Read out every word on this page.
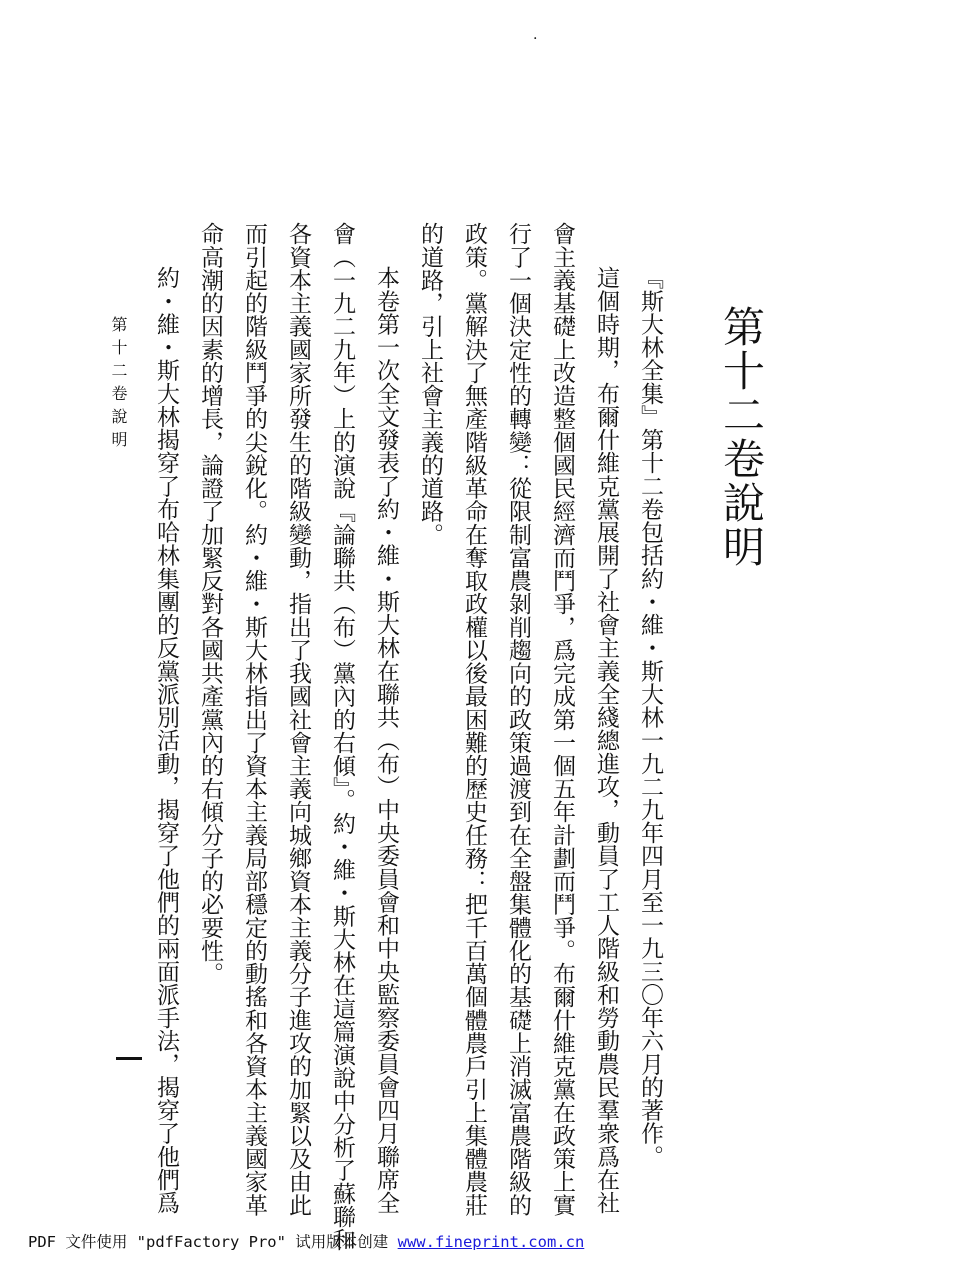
.
第十二卷說明
『斯大林全集』第十二卷包括約・維・斯大林一九二九年四月至一九三〇年六月的著作。
這個時期，布爾什維克黨展開了社會主義全綫總進攻，動員了工人階級和勞動農民羣衆爲在社
會主義基礎上改造整個國民經濟而鬥爭，爲完成第一個五年計劃而鬥爭。布爾什維克黨在政策上實
行了一個決定性的轉變：從限制富農剝削趨向的政策過渡到在全盤集體化的基礎上消滅富農階級的
政策。黨解決了無產階級革命在奪取政權以後最困難的歷史任務：把千百萬個體農戶引上集體農莊
的道路，引上社會主義的道路。
本卷第一次全文發表了約・維・斯大林在聯共（布）中央委員會和中央監察委員會四月聯席全
會（一九二九年）上的演說『論聯共（布）黨內的右傾』。約・維・斯大林在這篇演說中分析了蘇聯和
各資本主義國家所發生的階級變動，指出了我國社會主義向城鄉資本主義分子進攻的加緊以及由此
而引起的階級鬥爭的尖銳化。約・維・斯大林指出了資本主義局部穩定的動搖和各資本主義國家革
命高潮的因素的增長，論證了加緊反對各國共產黨內的右傾分子的必要性。
約・維・斯大林揭穿了布哈林集團的反黨派別活動，揭穿了他們的兩面派手法，揭穿了他們爲
第十二卷說明
PDF 文件使用 "pdfFactory Pro" 试用版本创建 www.fineprint.com.cn
